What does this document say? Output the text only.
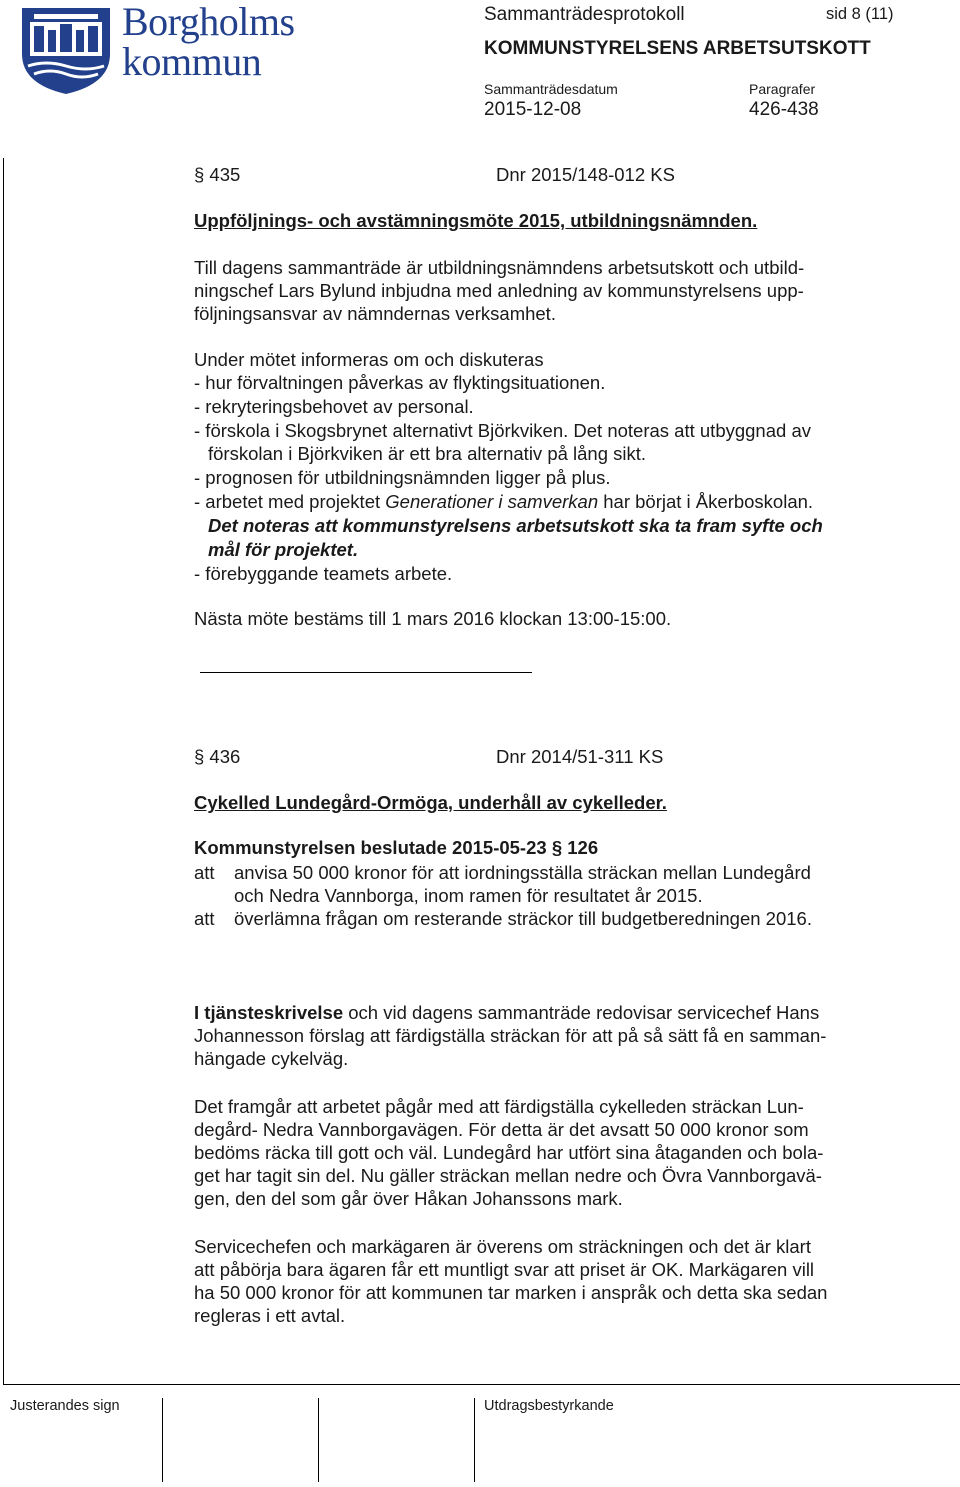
Borgholms
kommun
Sammanträdesprotokoll	sid 8 (11)
KOMMUNSTYRELSENS ARBETSUTSKOTT
Sammanträdesdatum
2015-12-08
Paragrafer
426-438
§ 435	Dnr 2015/148-012 KS
Uppföljnings- och avstämningsmöte 2015, utbildningsnämnden.
Till dagens sammanträde är utbildningsnämndens arbetsutskott och utbild-
ningschef Lars Bylund inbjudna med anledning av kommunstyrelsens upp-
följningsansvar av nämndernas verksamhet.
Under mötet informeras om och diskuteras
- hur förvaltningen påverkas av flyktingsituationen.
- rekryteringsbehovet av personal.
- förskola i Skogsbrynet alternativt Björkviken. Det noteras att utbyggnad av
förskolan i Björkviken är ett bra alternativ på lång sikt.
- prognosen för utbildningsnämnden ligger på plus.
- arbetet med projektet Generationer i samverkan har börjat i Åkerboskolan.
Det noteras att kommunstyrelsens arbetsutskott ska ta fram syfte och
mål för projektet.
- förebyggande teamets arbete.
Nästa möte bestäms till 1 mars 2016 klockan 13:00-15:00.
§ 436	Dnr 2014/51-311 KS
Cykelled Lundegård-Ormöga, underhåll av cykelleder.
Kommunstyrelsen beslutade 2015-05-23 § 126
att anvisa 50 000 kronor för att iordningsställa sträckan mellan Lundegård
och Nedra Vannborga, inom ramen för resultatet år 2015.
att överlämna frågan om resterande sträckor till budgetberedningen 2016.
I tjänsteskrivelse och vid dagens sammanträde redovisar servicechef Hans
Johannesson förslag att färdigställa sträckan för att på så sätt få en samman-
hängade cykelväg.
Det framgår att arbetet pågår med att färdigställa cykelleden sträckan Lun-
degård- Nedra Vannborgavägen. För detta är det avsatt 50 000 kronor som
bedöms räcka till gott och väl. Lundegård har utfört sina åtaganden och bola-
get har tagit sin del. Nu gäller sträckan mellan nedre och Övra Vannborgavä-
gen, den del som går över Håkan Johanssons mark.
Servicechefen och markägaren är överens om sträckningen och det är klart
att påbörja bara ägaren får ett muntligt svar att priset är OK. Markägaren vill
ha 50 000 kronor för att kommunen tar marken i anspråk och detta ska sedan
regleras i ett avtal.
Justerandes sign	Utdragsbestyrkande
